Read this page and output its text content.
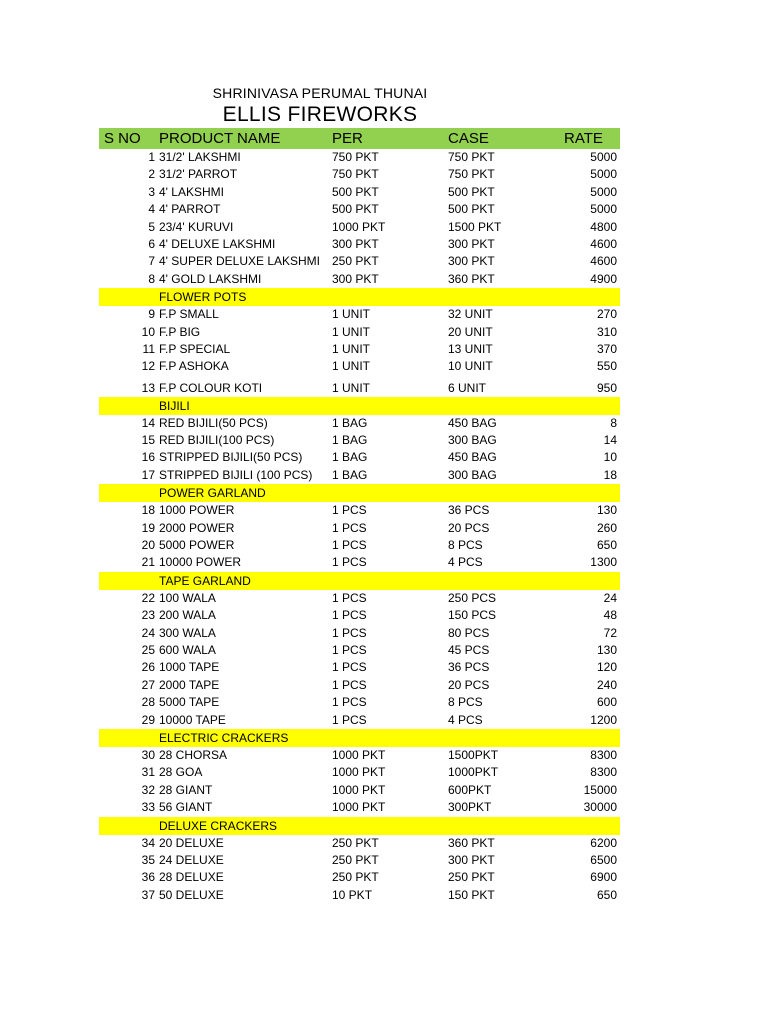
SHRINIVASA PERUMAL THUNAI
ELLIS FIREWORKS
S NO PRODUCT NAME	PER	CASE	RATE
1 31/2' LAKSHMI	750 PKT	750 PKT	5000
2 31/2' PARROT	750 PKT	750 PKT	5000
3 4' LAKSHMI	500 PKT	500 PKT	5000
4 4' PARROT	500 PKT	500 PKT	5000
5 23/4' KURUVI	1000 PKT	1500 PKT	4800
6 4' DELUXE LAKSHMI	300 PKT	300 PKT	4600
7 4' SUPER DELUXE LAKSHMI 250 PKT	300 PKT	4600
8 4' GOLD LAKSHMI	300 PKT	360 PKT	4900
FLOWER POTS
9 F.P SMALL	1 UNIT	32 UNIT	270
10 F.P BIG	1 UNIT	20 UNIT	310
11 F.P SPECIAL	1 UNIT	13 UNIT	370
12 F.P ASHOKA	1 UNIT	10 UNIT	550
13 F.P COLOUR KOTI	1 UNIT	6 UNIT	950
BIJILI
14 RED BIJILI(50 PCS)	1 BAG	450 BAG	8
15 RED BIJILI(100 PCS)	1 BAG	300 BAG	14
16 STRIPPED BIJILI(50 PCS) 1 BAG	450 BAG	10
17 STRIPPED BIJILI (100 PCS) 1 BAG	300 BAG	18
POWER GARLAND
18 1000 POWER	1 PCS	36 PCS	130
19 2000 POWER	1 PCS	20 PCS	260
20 5000 POWER	1 PCS	8 PCS	650
21 10000 POWER	1 PCS	4 PCS	1300
TAPE GARLAND
22 100 WALA	1 PCS	250 PCS	24
23 200 WALA	1 PCS	150 PCS	48
24 300 WALA	1 PCS	80 PCS	72
25 600 WALA	1 PCS	45 PCS	130
26 1000 TAPE	1 PCS	36 PCS	120
27 2000 TAPE	1 PCS	20 PCS	240
28 5000 TAPE	1 PCS	8 PCS	600
29 10000 TAPE	1 PCS	4 PCS	1200
ELECTRIC CRACKERS
30 28 CHORSA	1000 PKT	1500PKT	8300
31 28 GOA	1000 PKT	1000PKT	8300
32 28 GIANT	1000 PKT	600PKT	15000
33 56 GIANT	1000 PKT	300PKT	30000
DELUXE CRACKERS
34 20 DELUXE	250 PKT	360 PKT	6200
35 24 DELUXE	250 PKT	300 PKT	6500
36 28 DELUXE	250 PKT	250 PKT	6900
37 50 DELUXE	10 PKT	150 PKT	650
